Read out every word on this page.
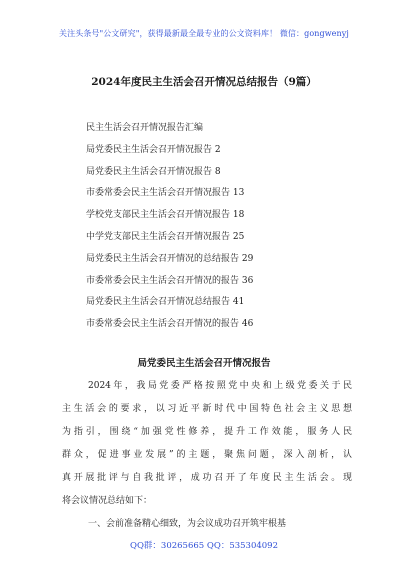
关注头条号"公文研究"，获得最新最全最专业的公文资料库！ 微信：gongwenyj
2024年度民主生活会召开情况总结报告（9篇）
民主生活会召开情况报告汇编
局党委民主生活会召开情况报告 2
局党委民主生活会召开情况报告 8
市委常委会民主生活会召开情况报告 13
学校党支部民主生活会召开情况报告 18
中学党支部民主生活会召开情况报告 25
局党委民主生活会召开情况的总结报告 29
市委常委会民主生活会召开情况的报告 36
局党委民主生活会召开情况总结报告 41
市委常委会民主生活会召开情况的报告 46
局党委民主生活会召开情况报告
2024年，我局党委严格按照党中央和上级党委关于民
主生活会的要求，以习近平新时代中国特色社会主义思想
为指引，围绕“加强党性修养，提升工作效能，服务人民
群众，促进事业发展”的主题，聚焦问题，深入剖析，认
真开展批评与自我批评，成功召开了年度民主生活会。现
将会议情况总结如下：
一、会前准备精心细致，为会议成功召开筑牢根基
QQ群：30265665 QQ：535304092
